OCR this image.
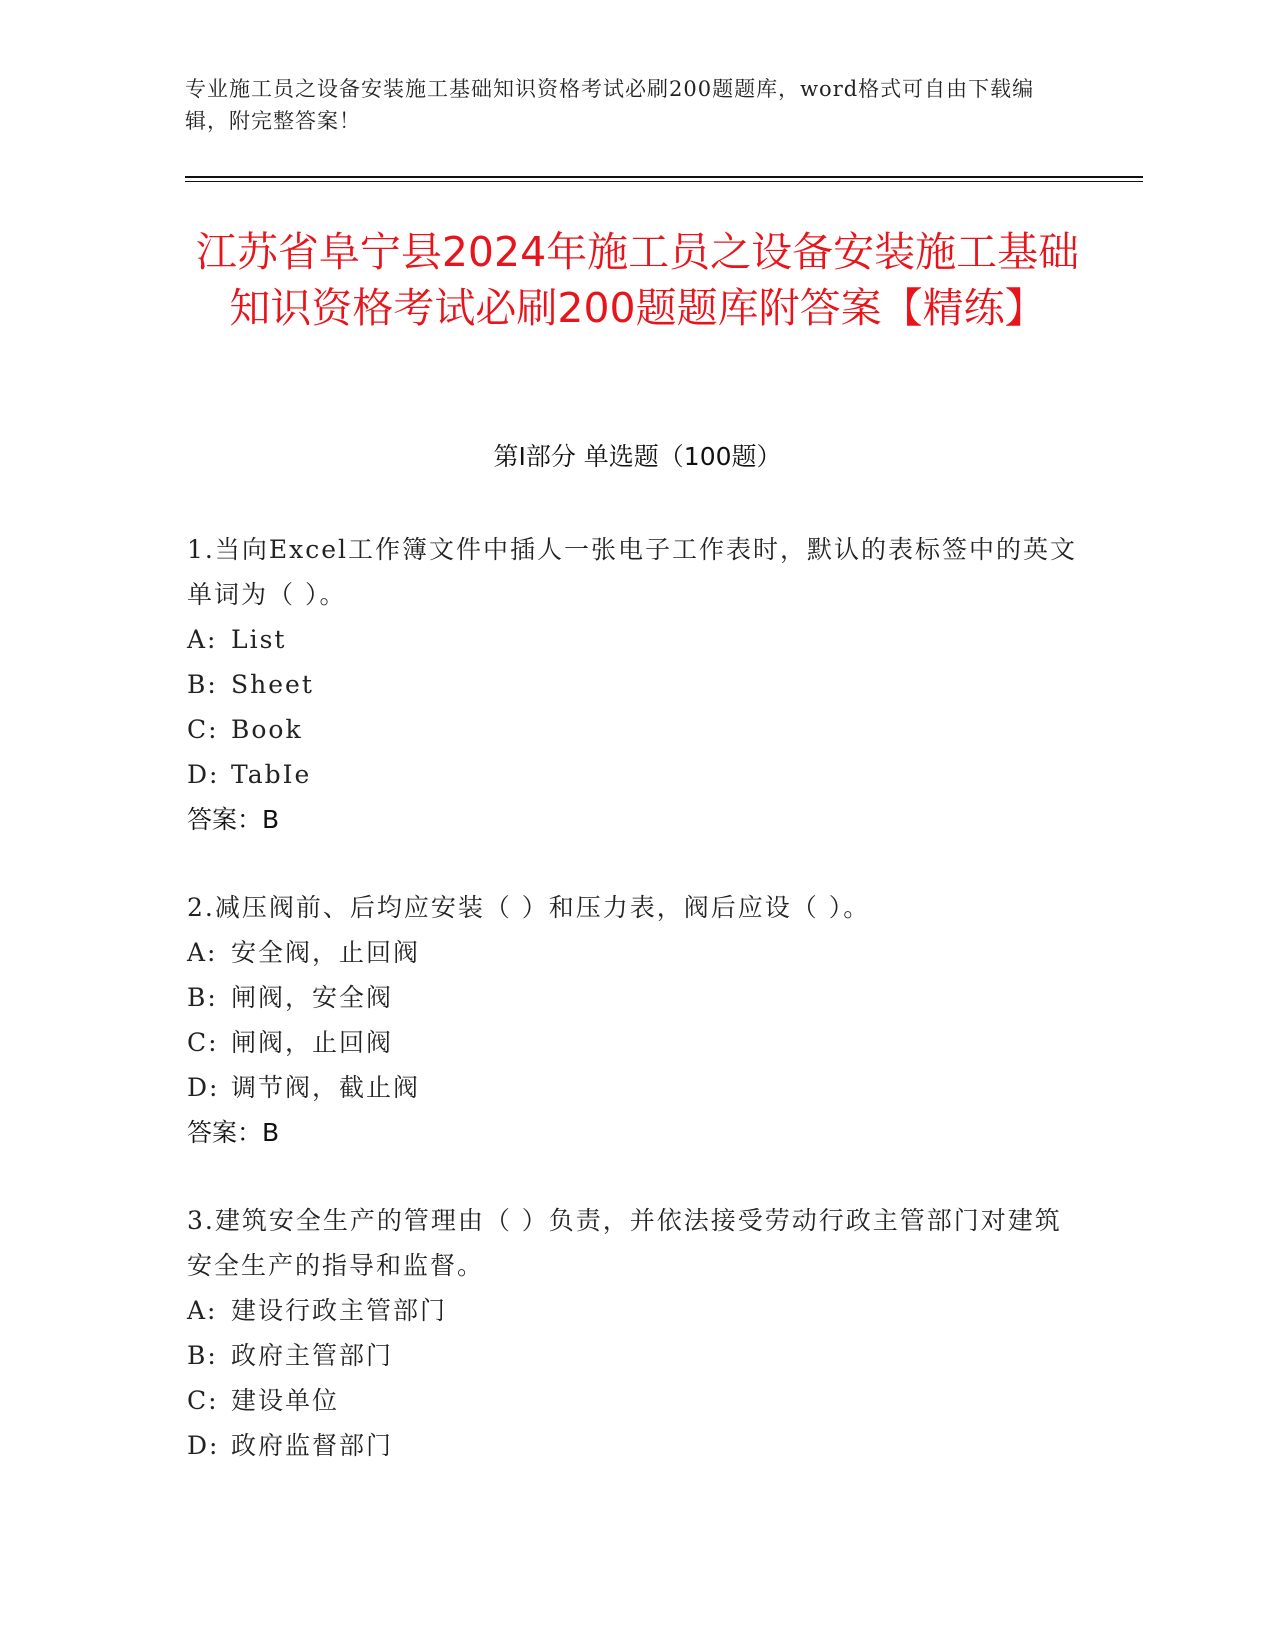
专业施工员之设备安装施工基础知识资格考试必刷200题题库，word格式可自由下载编辑，附完整答案！
江苏省阜宁县2024年施工员之设备安装施工基础知识资格考试必刷200题题库附答案【精练】
第Ⅰ部分 单选题（100题）
1.当向Excel工作簿文件中插人一张电子工作表时，默认的表标签中的英文单词为（ ）。
A: List
B: Sheet
C: Book
D: TabIe
答案：B
2.减压阀前、后均应安装（ ）和压力表，阀后应设（ ）。
A: 安全阀，止回阀
B: 闸阀，安全阀
C: 闸阀，止回阀
D: 调节阀，截止阀
答案：B
3.建筑安全生产的管理由（ ）负责，并依法接受劳动行政主管部门对建筑安全生产的指导和监督。
A: 建设行政主管部门
B: 政府主管部门
C: 建设单位
D: 政府监督部门
